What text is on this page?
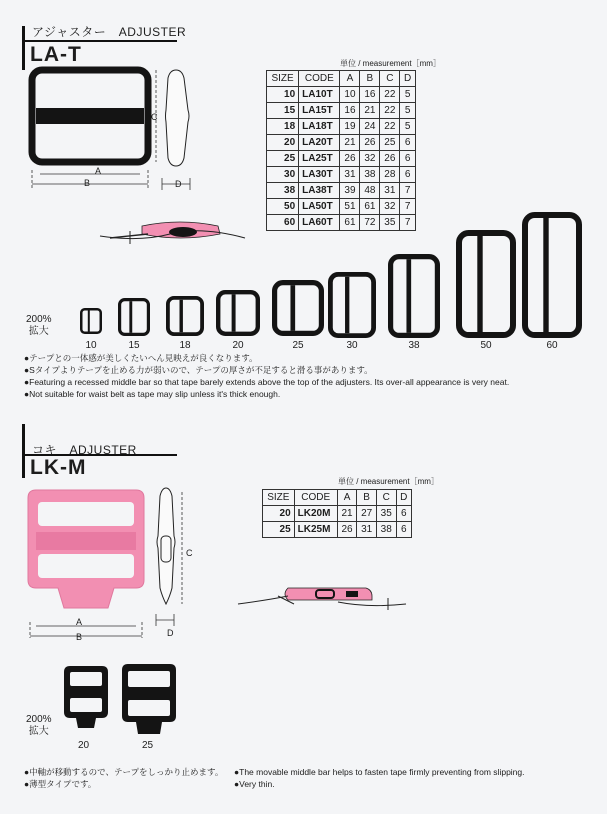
アジャスター　ADJUSTER
LA-T
A
B
C
D
単位 / measurement［mm］
SIZE	CODE	A	B	C	D
10	LA10T	10	16	22	5
15	LA15T	16	21	22	5
18	LA18T	19	24	22	5
20	LA20T	21	26	25	6
25	LA25T	26	32	26	6
30	LA30T	31	38	28	6
38	LA38T	39	48	31	7
50	LA50T	51	61	32	7
60	LA60T	61	72	35	7
200%
拡大
10	15	18	20	25	30	38	50	60
●テープとの一体感が美しくたいへん見映えが良くなります。
●Sタイプよりテープを止める力が弱いので、テープの厚さが不足すると滑る事があります。
●Featuring a recessed middle bar so that tape barely extends above the top of the adjusters. Its over-all appearance is very neat.
●Not suitable for waist belt as tape may slip unless it's thick enough.
コキ　ADJUSTER
LK-M
A
B
C
D
単位 / measurement［mm］
SIZE	CODE	A	B	C	D
20	LK20M	21	27	35	6
25	LK25M	26	31	38	6
200%
拡大
20	25
●中軸が移動するので、テープをしっかり止めます。
●薄型タイプです。
●The movable middle bar helps to fasten tape firmly preventing from slipping.
●Very thin.
